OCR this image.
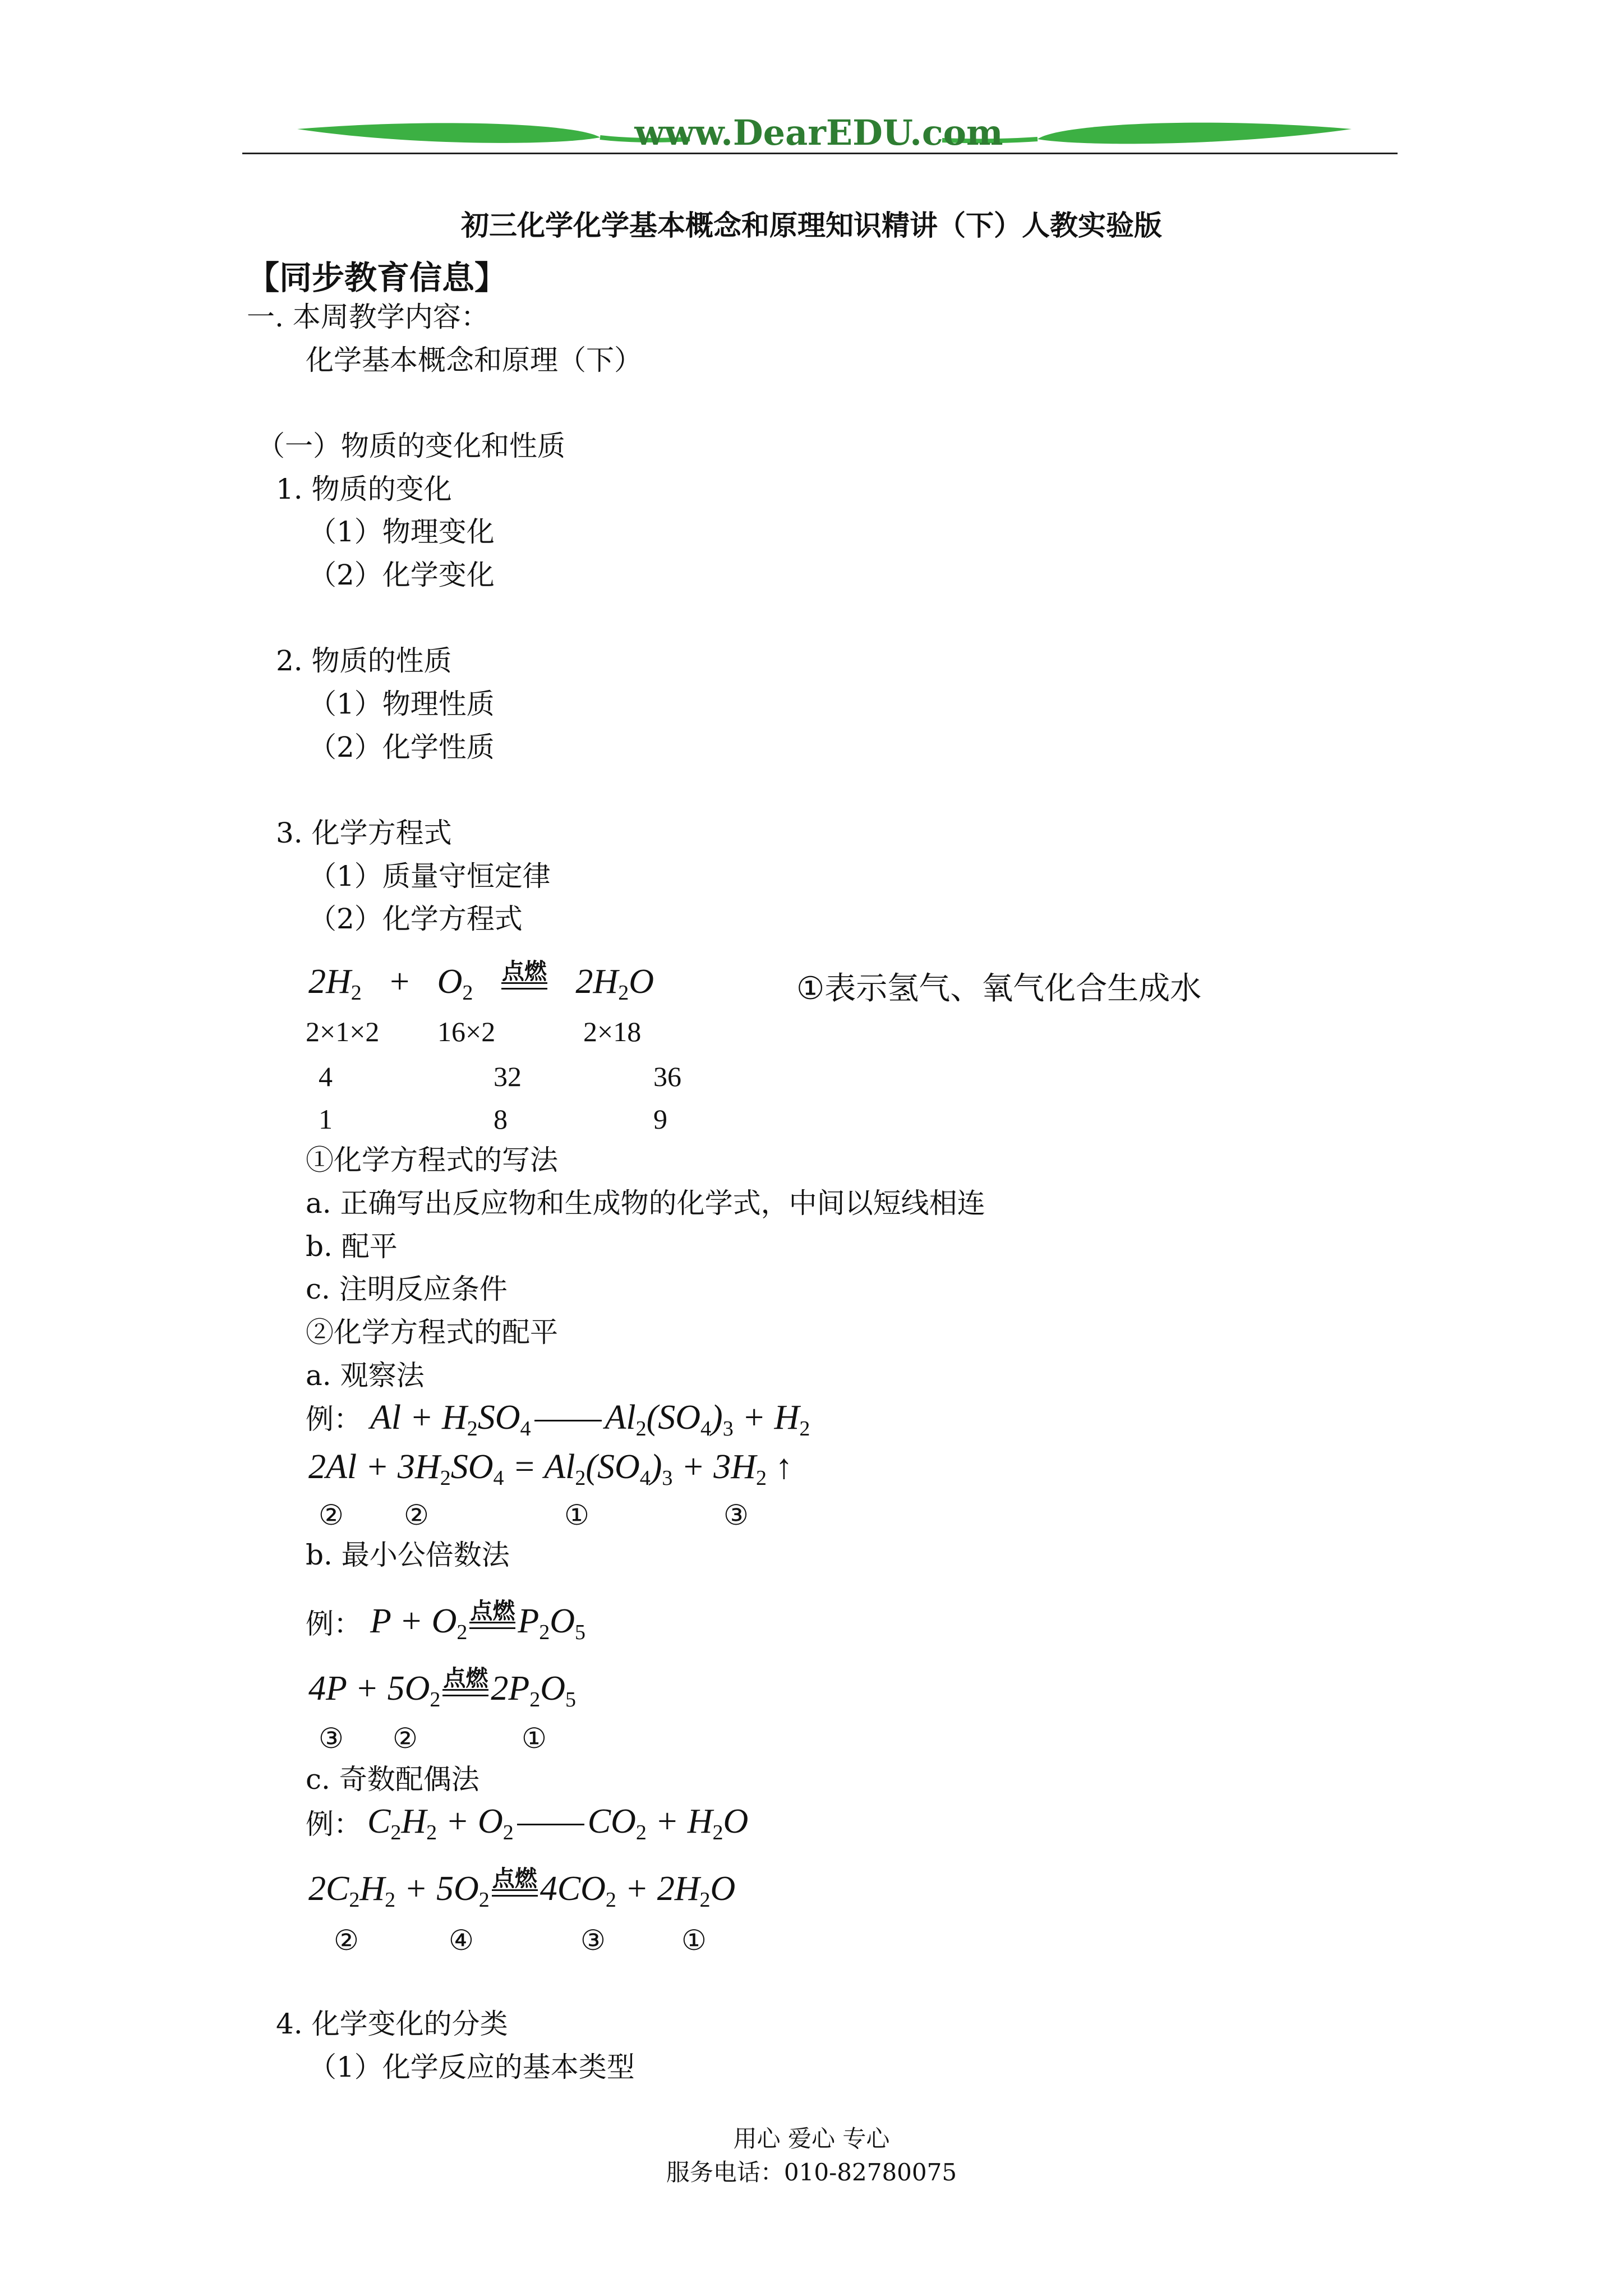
www.DearEDU.com
初三化学化学基本概念和原理知识精讲（下）人教实验版
【同步教育信息】
一. 本周教学内容：
化学基本概念和原理（下）
（一）物质的变化和性质
1. 物质的变化
（1）物理变化
（2）化学变化
2. 物质的性质
（1）物理性质
（2）化学性质
3. 化学方程式
（1）质量守恒定律
（2）化学方程式
$2H_2 + O_2$
点燃 $2H_2O$	①表示氢气、氧气化合生成水
2×1×2 16×2	2×18
4	32	36
1	8	9
①化学方程式的写法
a. 正确写出反应物和生成物的化学式，中间以短线相连
b. 配平
c. 注明反应条件
②化学方程式的配平
a. 观察法
例： $Al + H_2SO_4$ $Al_2(SO_4)_3 + H_2$
$2Al + 3H_2SO_4 = Al_2(SO_4)_3 + 3H_2$ ↑
② ②	①	③
b. 最小公倍数法
例： $P + O_2$
点燃 $P_2O_5$
$4P + 5O_2$
点燃 $2P_2O_5$
③ ②	①
c. 奇数配偶法
例： $C_2H_2 + O_2$ $CO_2 + H_2O$
$2C_2H_2 + 5O_2$
点燃 $4CO_2 + 2H_2O$
②	④	③	①
4. 化学变化的分类
（1）化学反应的基本类型
用心 爱心 专心
服务电话：010-82780075
